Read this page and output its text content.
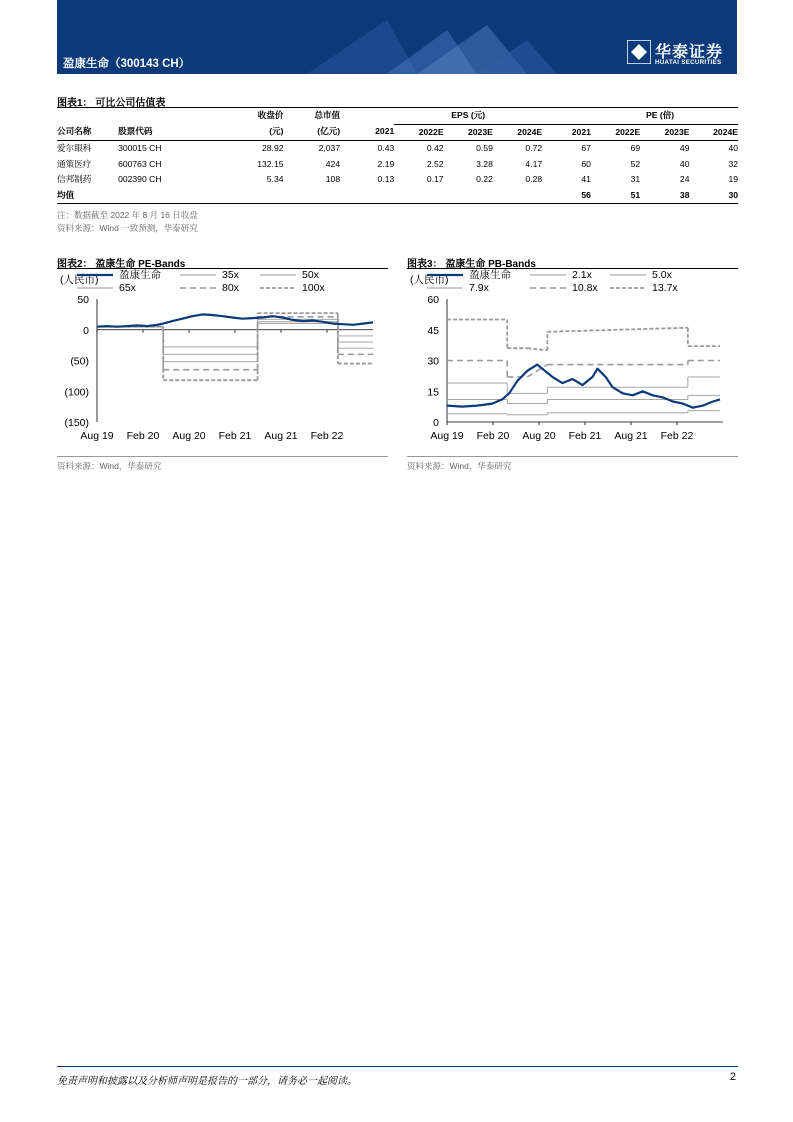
盈康生命（300143 CH）
华泰证券
HUATAI SECURITIES
图表1： 可比公司估值表
		收盘价	总市值		EPS (元)			PE (倍)			
公司名称	股票代码	(元)	(亿元)	2021	2022E	2023E	2024E	2021	2022E	2023E	2024E
爱尔眼科	300015 CH	28.92	2,037	0.43	0.42	0.59	0.72	67	69	49	40
通策医疗	600763 CH	132.15	424	2.19	2.52	3.28	4.17	60	52	40	32
信邦制药	002390 CH	5.34	108	0.13	0.17	0.22	0.28	41	31	24	19
均值								56	51	38	30
注：数据截至 2022 年 8 月 16 日收盘
资料来源：Wind 一致预测，华泰研究
图表2： 盈康生命 PE-Bands
(人民币) 盈康生命	35x	50x
65x	80x	100x
50
0
(50)
(100)
(150)
Aug 19 Feb 20 Aug 20 Feb 21 Aug 21 Feb 22
资料来源：Wind，华泰研究
图表3： 盈康生命 PB-Bands
(人民币) 盈康生命	2.1x	5.0x
7.9x	10.8x	13.7x
60
45
30
15
0
Aug 19 Feb 20 Aug 20 Feb 21 Aug 21 Feb 22
资料来源：Wind，华泰研究
免责声明和披露以及分析师声明是报告的一部分，请务必一起阅读。	2
